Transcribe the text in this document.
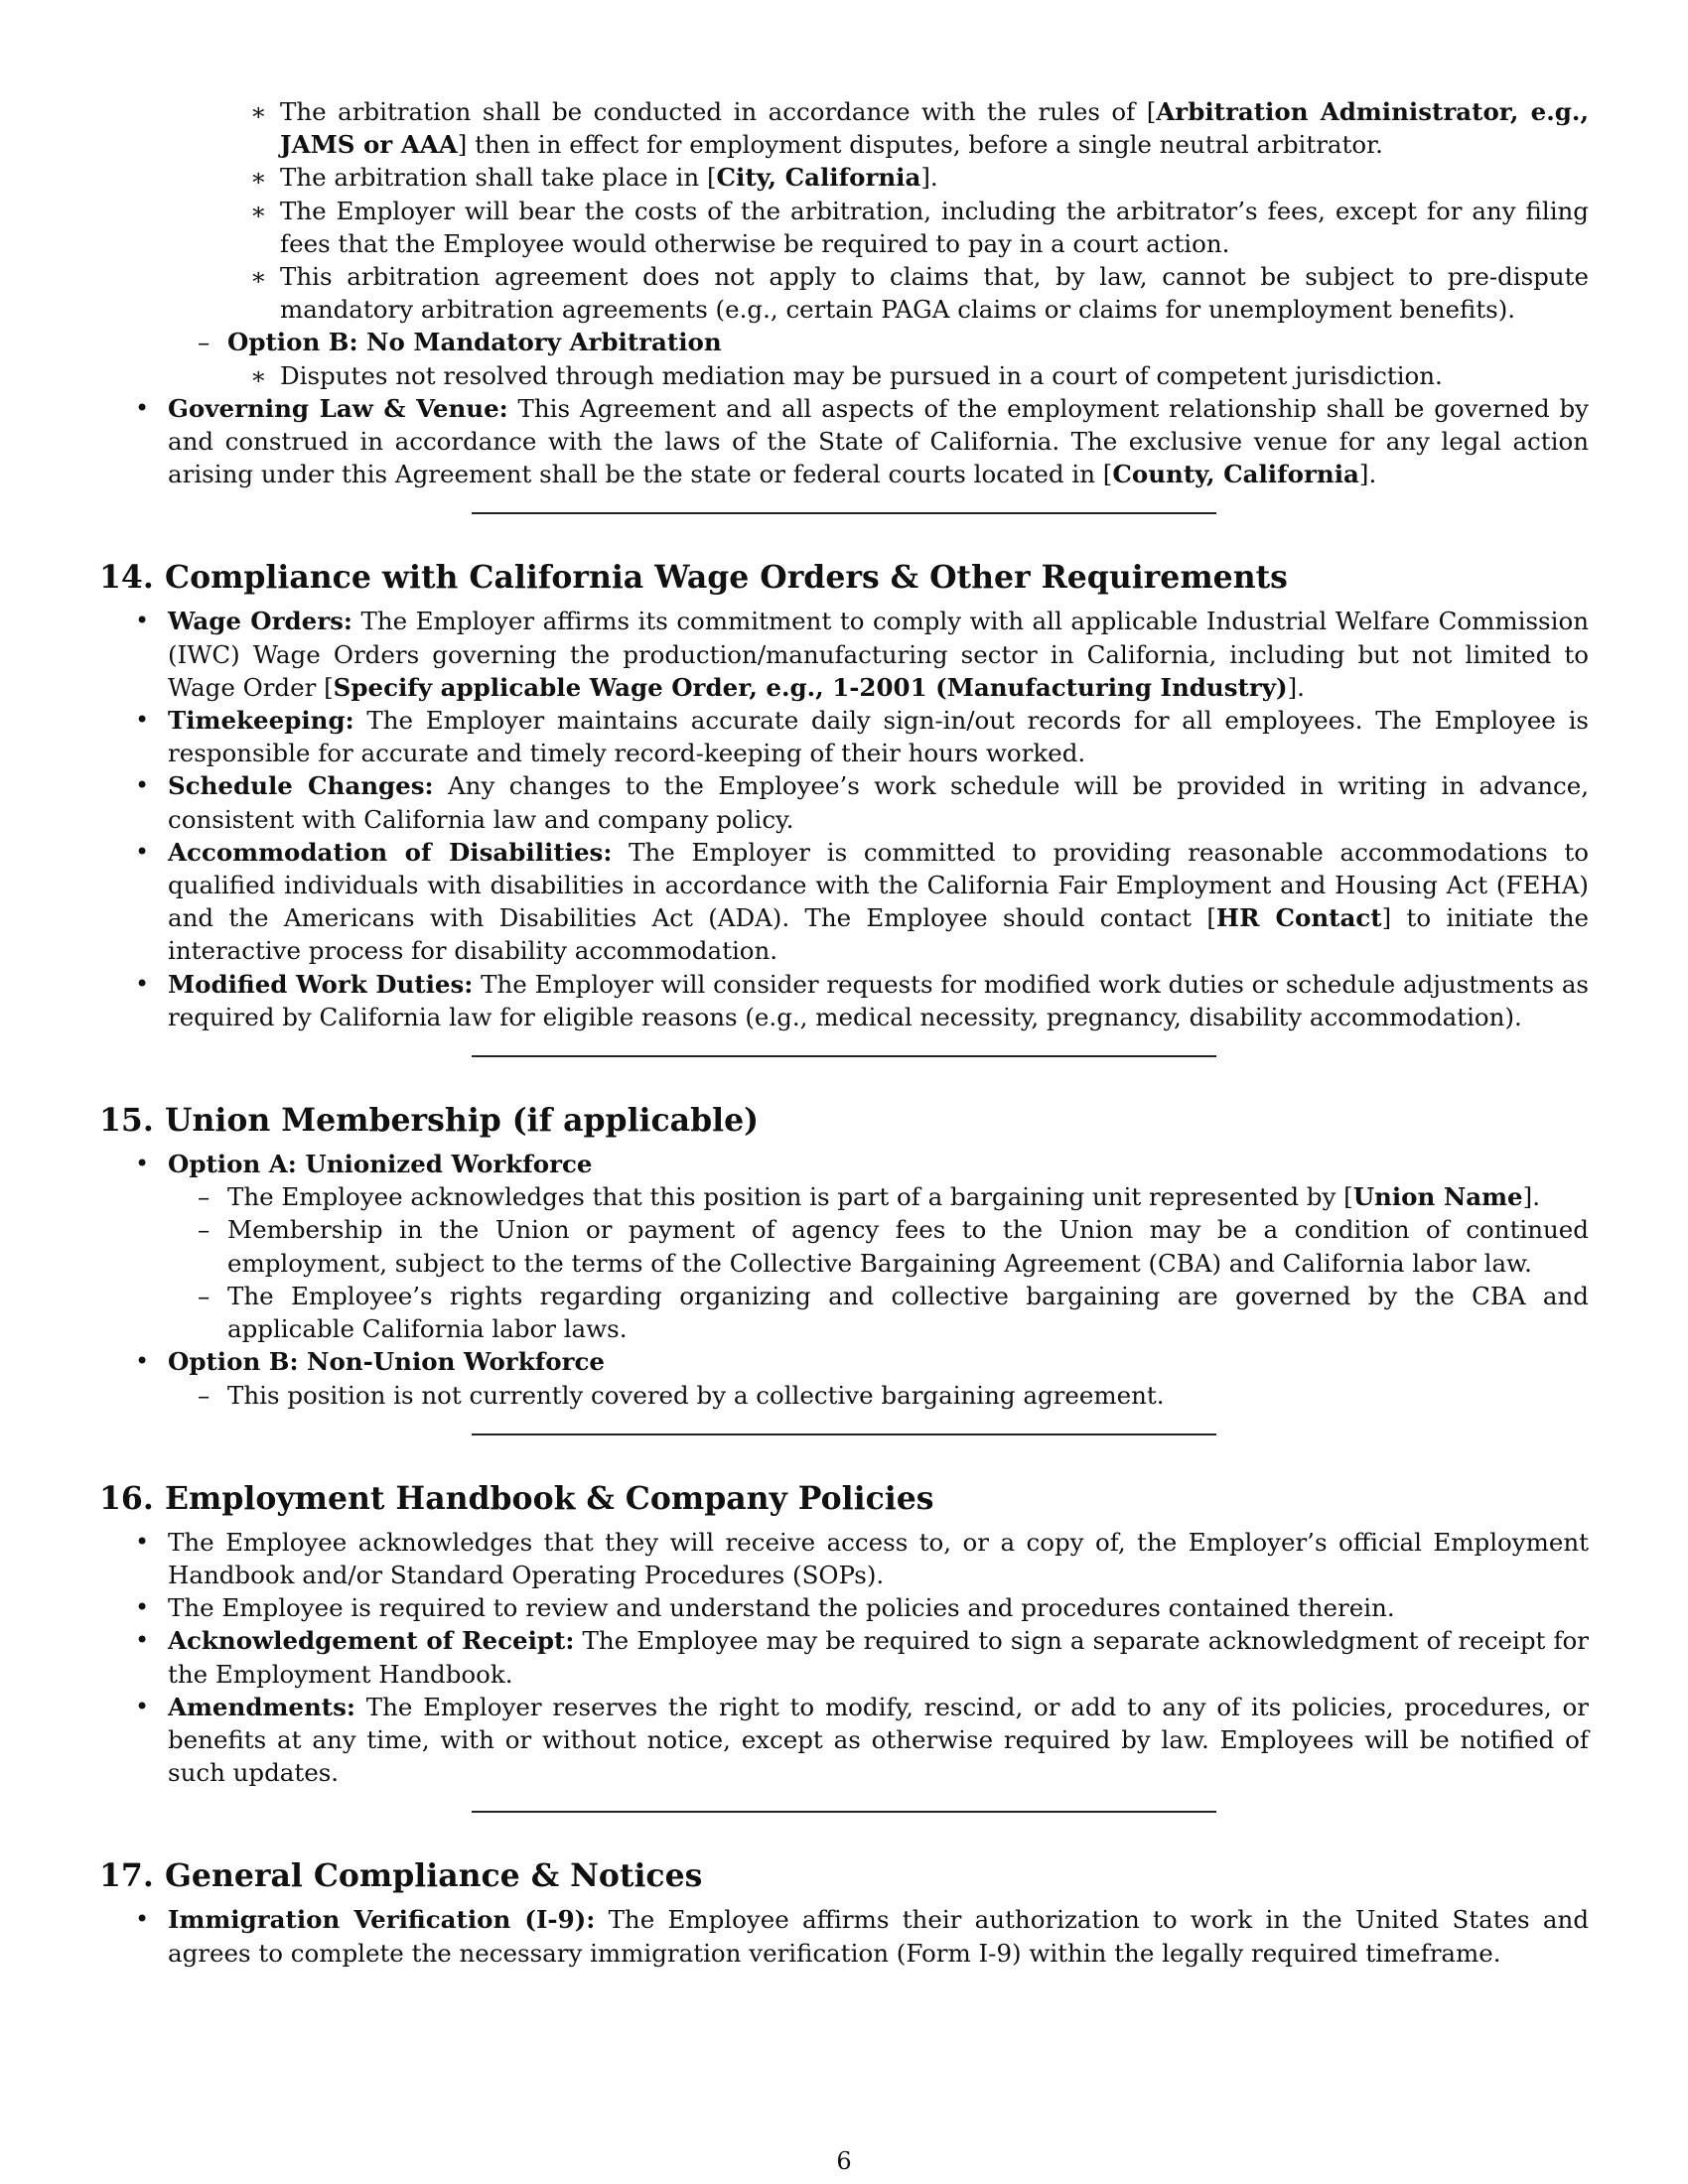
∗ The arbitration shall be conducted in accordance with the rules of [Arbitration Administrator, e.g., JAMS or AAA] then in effect for employment disputes, before a single neutral arbitrator.

∗ The arbitration shall take place in [City, California].

∗ The Employer will bear the costs of the arbitration, including the arbitrator’s fees, except for any filing fees that the Employee would otherwise be required to pay in a court action.

∗ This arbitration agreement does not apply to claims that, by law, cannot be subject to pre-dispute mandatory arbitration agreements (e.g., certain PAGA claims or claims for unemployment benefits).

– Option B: No Mandatory Arbitration

∗ Disputes not resolved through mediation may be pursued in a court of competent jurisdiction.

• Governing Law & Venue: This Agreement and all aspects of the employment relationship shall be governed by and construed in accordance with the laws of the State of California. The exclusive venue for any legal action arising under this Agreement shall be the state or federal courts located in [County, California].

14. Compliance with California Wage Orders & Other Requirements

• Wage Orders: The Employer affirms its commitment to comply with all applicable Industrial Welfare Commission (IWC) Wage Orders governing the production/manufacturing sector in California, including but not limited to Wage Order [Specify applicable Wage Order, e.g., 1-2001 (Manufacturing Industry)].

• Timekeeping: The Employer maintains accurate daily sign-in/out records for all employees. The Employee is responsible for accurate and timely record-keeping of their hours worked.

• Schedule Changes: Any changes to the Employee’s work schedule will be provided in writing in advance, consistent with California law and company policy.

• Accommodation of Disabilities: The Employer is committed to providing reasonable accommodations to qualified individuals with disabilities in accordance with the California Fair Employment and Housing Act (FEHA) and the Americans with Disabilities Act (ADA). The Employee should contact [HR Contact] to initiate the interactive process for disability accommodation.

• Modified Work Duties: The Employer will consider requests for modified work duties or schedule adjustments as required by California law for eligible reasons (e.g., medical necessity, pregnancy, disability accommodation).

15. Union Membership (if applicable)

• Option A: Unionized Workforce

– The Employee acknowledges that this position is part of a bargaining unit represented by [Union Name].

– Membership in the Union or payment of agency fees to the Union may be a condition of continued employment, subject to the terms of the Collective Bargaining Agreement (CBA) and California labor law.

– The Employee’s rights regarding organizing and collective bargaining are governed by the CBA and applicable California labor laws.

• Option B: Non-Union Workforce

– This position is not currently covered by a collective bargaining agreement.

16. Employment Handbook & Company Policies

• The Employee acknowledges that they will receive access to, or a copy of, the Employer’s official Employment Handbook and/or Standard Operating Procedures (SOPs).

• The Employee is required to review and understand the policies and procedures contained therein.

• Acknowledgement of Receipt: The Employee may be required to sign a separate acknowledgment of receipt for the Employment Handbook.

• Amendments: The Employer reserves the right to modify, rescind, or add to any of its policies, procedures, or benefits at any time, with or without notice, except as otherwise required by law. Employees will be notified of such updates.

17. General Compliance & Notices

• Immigration Verification (I-9): The Employee affirms their authorization to work in the United States and agrees to complete the necessary immigration verification (Form I-9) within the legally required timeframe.

6
